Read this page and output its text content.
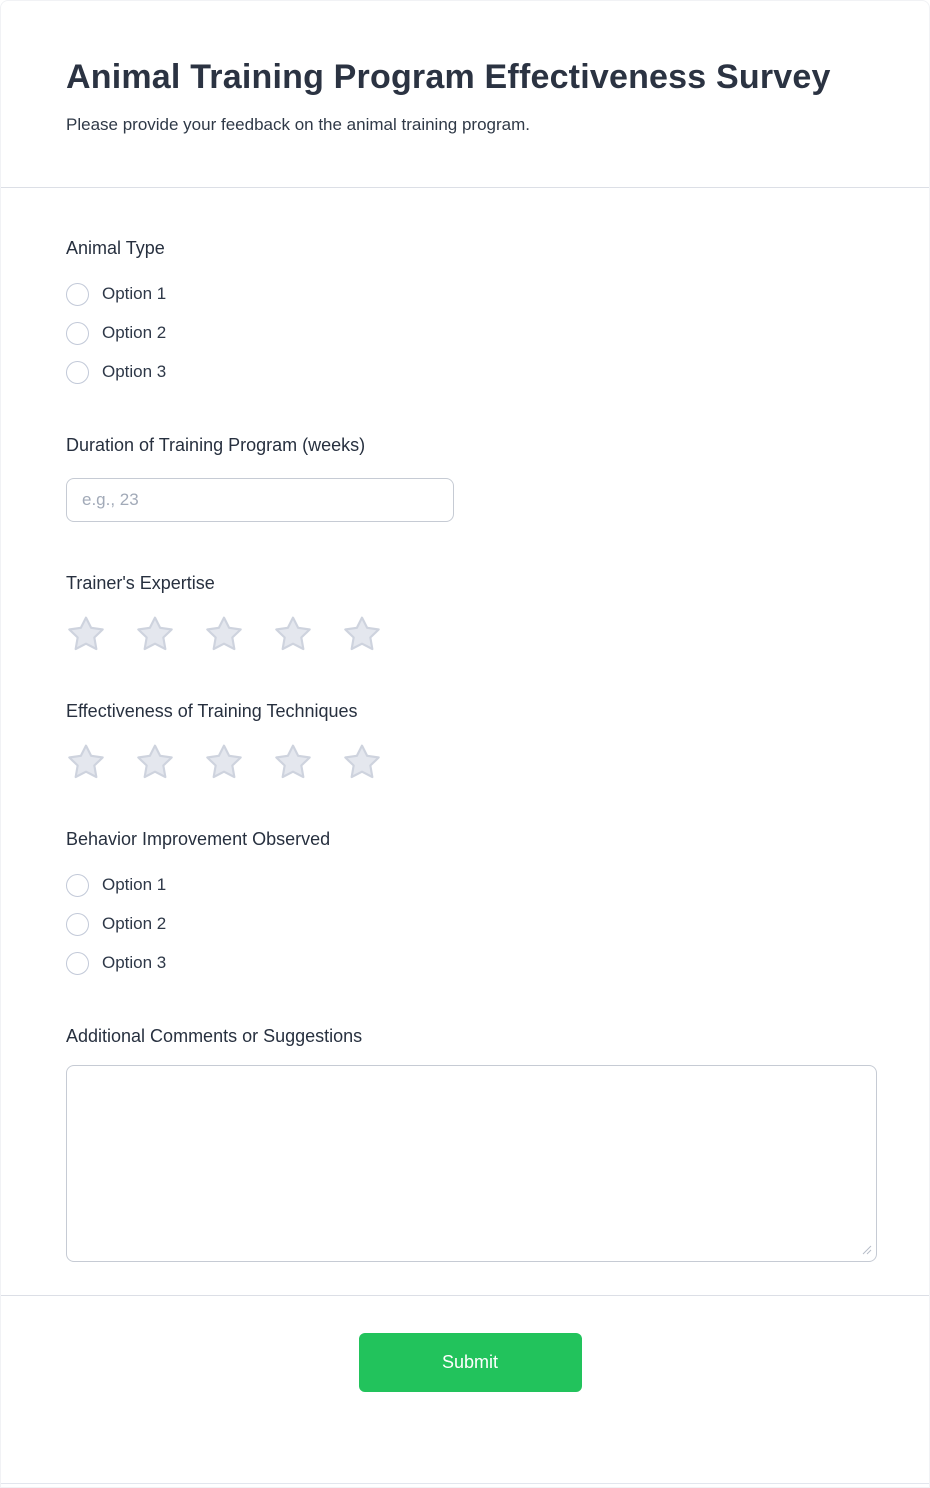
Animal Training Program Effectiveness Survey

Please provide your feedback on the animal training program.

Animal Type
Option 1
Option 2
Option 3
Duration of Training Program (weeks)
e.g., 23
Trainer's Expertise
Effectiveness of Training Techniques
Behavior Improvement Observed
Option 1
Option 2
Option 3
Additional Comments or Suggestions
Submit
